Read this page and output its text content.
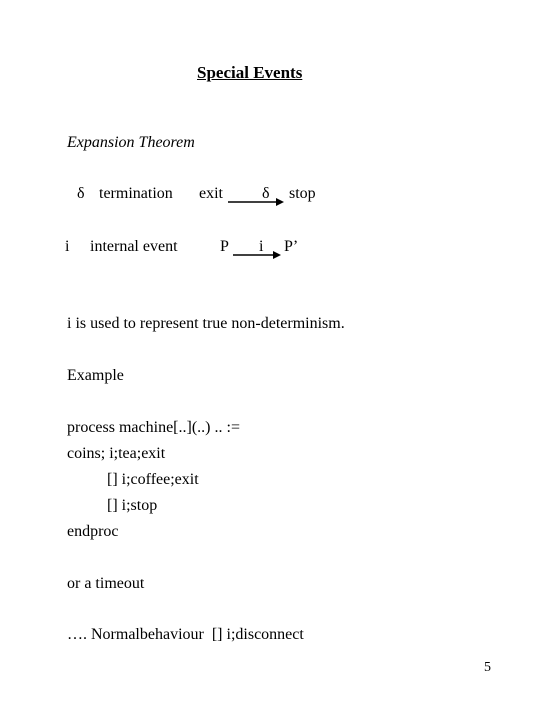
Special Events
Expansion Theorem
δ termination exit δ stop
i internal event	P i P’
i is used to represent true non-determinism.
Example
process machine[..](..) .. :=
coins; i;tea;exit
[] i;coffee;exit
[] i;stop
endproc
or a timeout
…. Normalbehaviour  [] i;disconnect
5
